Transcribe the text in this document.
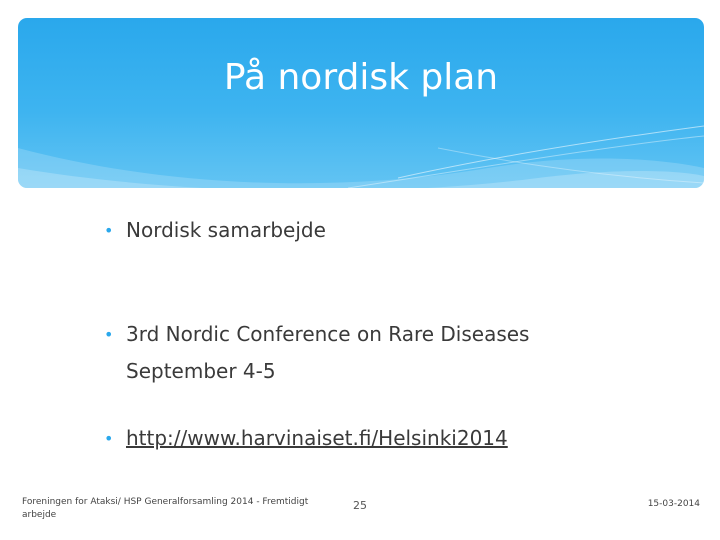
På nordisk plan
• Nordisk samarbejde
• 3rd Nordic Conference on Rare Diseases
September 4-5
• http://www.harvinaiset.fi/Helsinki2014
Foreningen for Ataksi/ HSP Generalforsamling 2014 - Fremtidigt arbejde
25	15-03-2014
